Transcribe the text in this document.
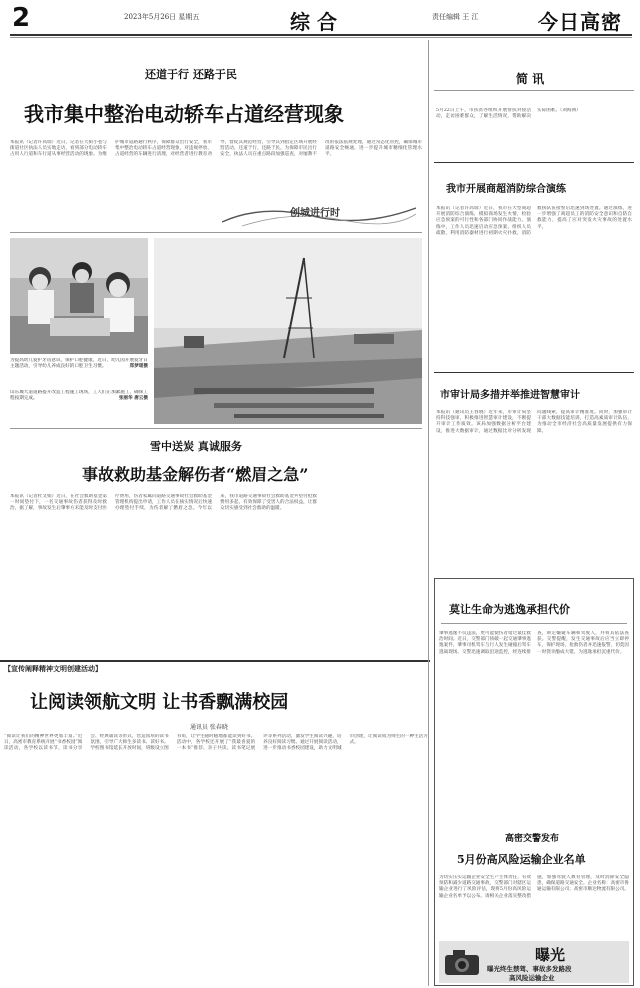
2	2023年5月26日 星期五	综 合	责任编辑 王 江	今日高密
还道于行 还路于民
我市集中整治电动轿车占道经营现象
本报讯（记者许高瑞）近日，记者在大街小巷与街道社区执法人员实地走访，看到部分电动轿车占用人行道和车行道从事经营活动的现象。为维护城市道路通行秩序，保障群众出行安全，我市集中整治电动轿车占道经营现象，对违规停放、占道经营的车辆进行清理，对经营者进行教育劝导，督促其规范经营，引导其到指定区域开展经营活动，还道于行、还路于民。为保障市民出行安全，执法人员在重点路段加强巡查，对屡教不改的依法依规处理，通过常态化管控，确保城市道路安全畅通，进一步提升城市精细化管理水平。
创城进行时
为提高幼儿爱护牙齿意识，保护口腔健康，近日，幼儿园开展爱牙日主题活动，引导幼儿养成良好的口腔卫生习惯。	郑梦瑶摄
山东城大道道路提升改造工程施工现场，工人们正加紧施工，确保工程按期完成。	张丽华 唐云摄
雪中送炭 真诚服务
事故救助基金解伤者“燃眉之急”
本报讯（记者杜文娟）近日，在社会救助基金第一时间垫付下，一名交通事故伤者获得及时救治。据了解，事故发生后肇事方未能及时支付医疗费用，伤者家属向道路交通事故社会救助基金管理机构提出申请，工作人员在核实情况后快速办理垫付手续，为伤者解了燃眉之急。今年以来，我市道路交通事故社会救助基金共垫付抢救费用多起，有效保障了受害人的合法权益，让群众切实感受到社会救助的温暖。
【宣传阐释精神文明创建活动】
让阅读领航文明 让书香飘满校园
通讯员 张春晓
“阅读让我们的精神世界更加丰富。”近日，高密市教育系统开展“书香校园”阅读活动，各学校以读书节、读书分享会、经典诵读等形式，营造浓厚的读书氛围，引导广大师生多读书、读好书。学校图书馆延长开放时间，班级设立图书角，让学生随时随地都能读到好书。活动中，各学校还开展了“我最喜爱的一本书”推荐、亲子共读、读书笔记展评等系列活动，激发学生阅读兴趣，培养良好阅读习惯。通过开展阅读活动，进一步推动书香校园建设，助力文明城市创建，让阅读成为师生的一种生活方式。
简 讯
5月22日上午，市扶贫办组织开展帮扶对接活动，走访困难群众，了解生活情况，帮助解决实际困难。（刘海洲）
我市开展商超消防综合演练
本报讯（记者许高瑞）近日，我市在大型商超开展消防综合演练，模拟商场发生火情，检验应急预案的可行性和各部门协同作战能力。演练中，工作人员迅速启动应急预案，组织人员疏散，利用消防器材进行初期火灾扑救，消防救援队伍接警后迅速到场处置。通过演练，进一步增强了商超员工的消防安全意识和自防自救能力，提高了应对突发火灾事故的处置水平。
市审计局多措并举推进智慧审计
本报讯（通讯员王春晓）近年来，市审计局坚持科技强审，积极推进智慧审计建设，不断提升审计工作质效。该局加强数据分析平台建设，推进大数据审计，通过数据比对分析发现问题线索，提高审计精准度。同时，加强审计干部大数据技能培训，打造高素质审计队伍，为推动全市经济社会高质量发展提供有力保障。
莫让生命为逃逸承担代价
肇事逃逸不仅违法，更可能使伤者错过最佳救治时间。近日，交警部门侦破一起交通肇事逃逸案件，肇事司机驾车与行人发生碰撞后驾车逃离现场。交警迅速调取沿途监控，经连续排查，锁定嫌疑车辆和驾驶人，并将其依法查获。交警提醒，发生交通事故后应当立即停车，保护现场，抢救伤者并迅速报警，切莫因一时侥幸酿成大错，为逃逸承担沉重代价。
高密交警发布
5月份高风险运输企业名单
为切实压实运输企业安全生产主体责任，有效预防和减少道路交通事故，交警部门对辖区运输企业进行了风险评估，现将5月份高风险运输企业名单予以公布。请相关企业落实整改措施，加强驾驶人教育管理，及时消除安全隐患，确保道路交通安全。企业名称：高密市鲁通运输有限公司；高密市顺达物流有限公司。
曝光
曝光终生禁驾、事故多发路段
高风险运输企业
